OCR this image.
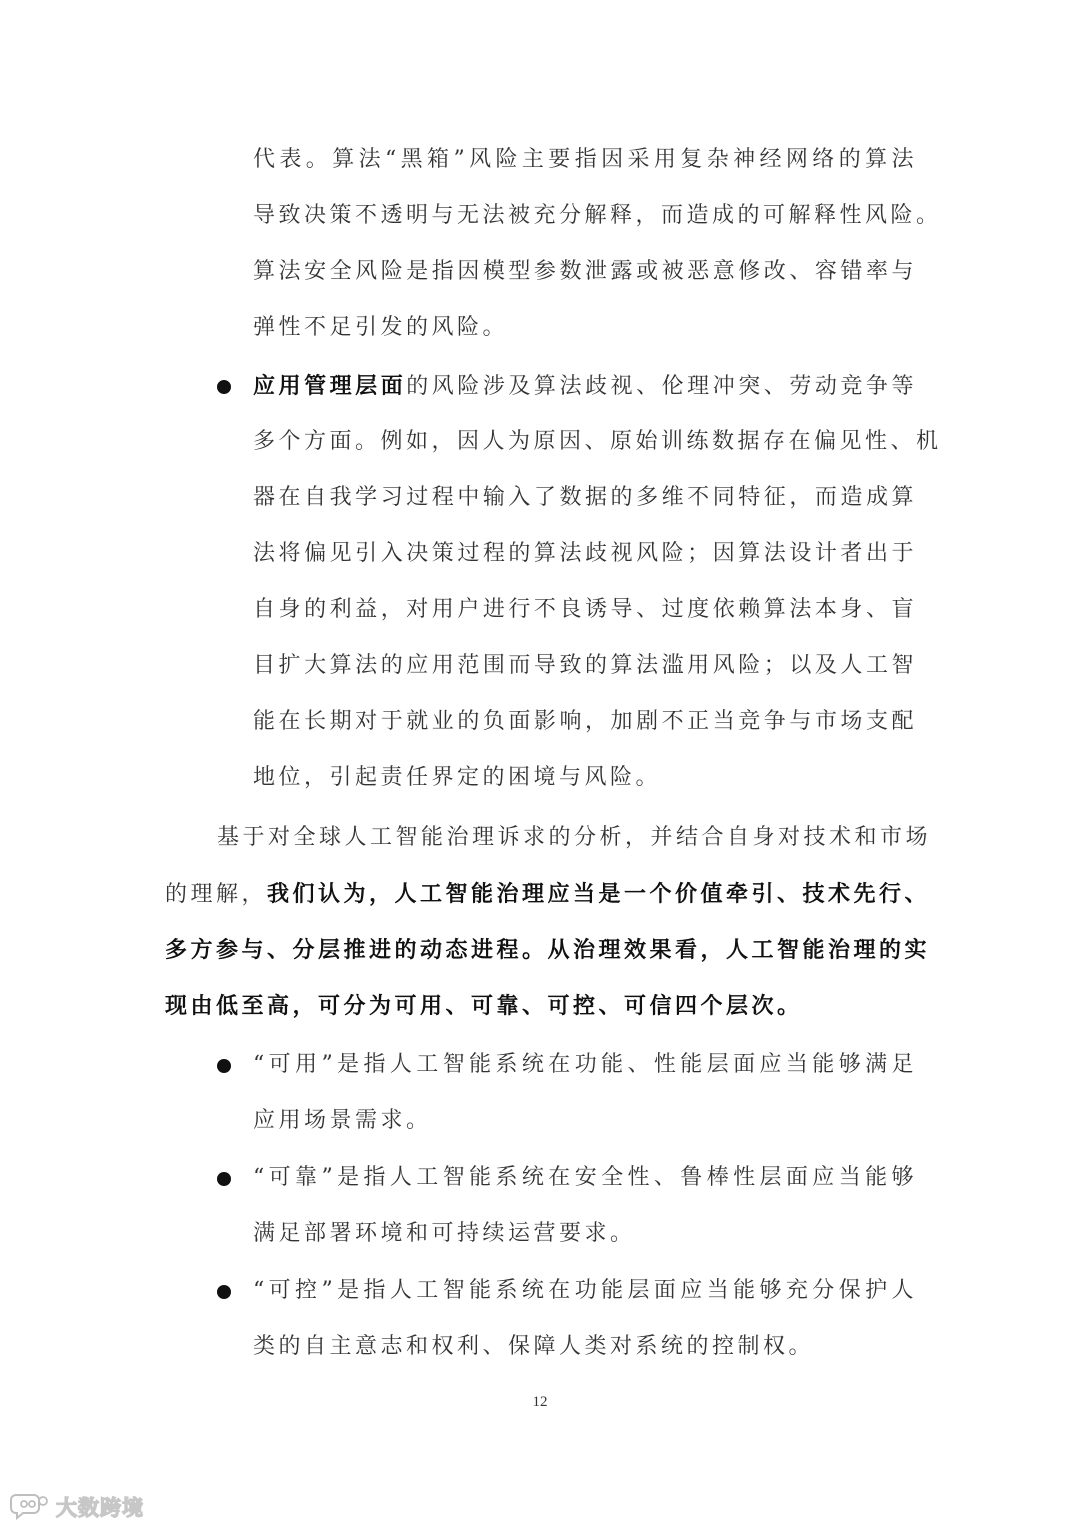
代表。算法“黑箱”风险主要指因采用复杂神经网络的算法
导致决策不透明与无法被充分解释，而造成的可解释性风险。
算法安全风险是指因模型参数泄露或被恶意修改、容错率与
弹性不足引发的风险。
应用管理层面的风险涉及算法歧视、伦理冲突、劳动竞争等
多个方面。例如，因人为原因、原始训练数据存在偏见性、机
器在自我学习过程中输入了数据的多维不同特征，而造成算
法将偏见引入决策过程的算法歧视风险；因算法设计者出于
自身的利益，对用户进行不良诱导、过度依赖算法本身、盲
目扩大算法的应用范围而导致的算法滥用风险；以及人工智
能在长期对于就业的负面影响，加剧不正当竞争与市场支配
地位，引起责任界定的困境与风险。
基于对全球人工智能治理诉求的分析，并结合自身对技术和市场
的理解，我们认为，人工智能治理应当是一个价值牵引、技术先行、
多方参与、分层推进的动态进程。从治理效果看，人工智能治理的实
现由低至高，可分为可用、可靠、可控、可信四个层次。
“可用”是指人工智能系统在功能、性能层面应当能够满足
应用场景需求。
“可靠”是指人工智能系统在安全性、鲁棒性层面应当能够
满足部署环境和可持续运营要求。
“可控”是指人工智能系统在功能层面应当能够充分保护人
类的自主意志和权利、保障人类对系统的控制权。
12
大数跨境
